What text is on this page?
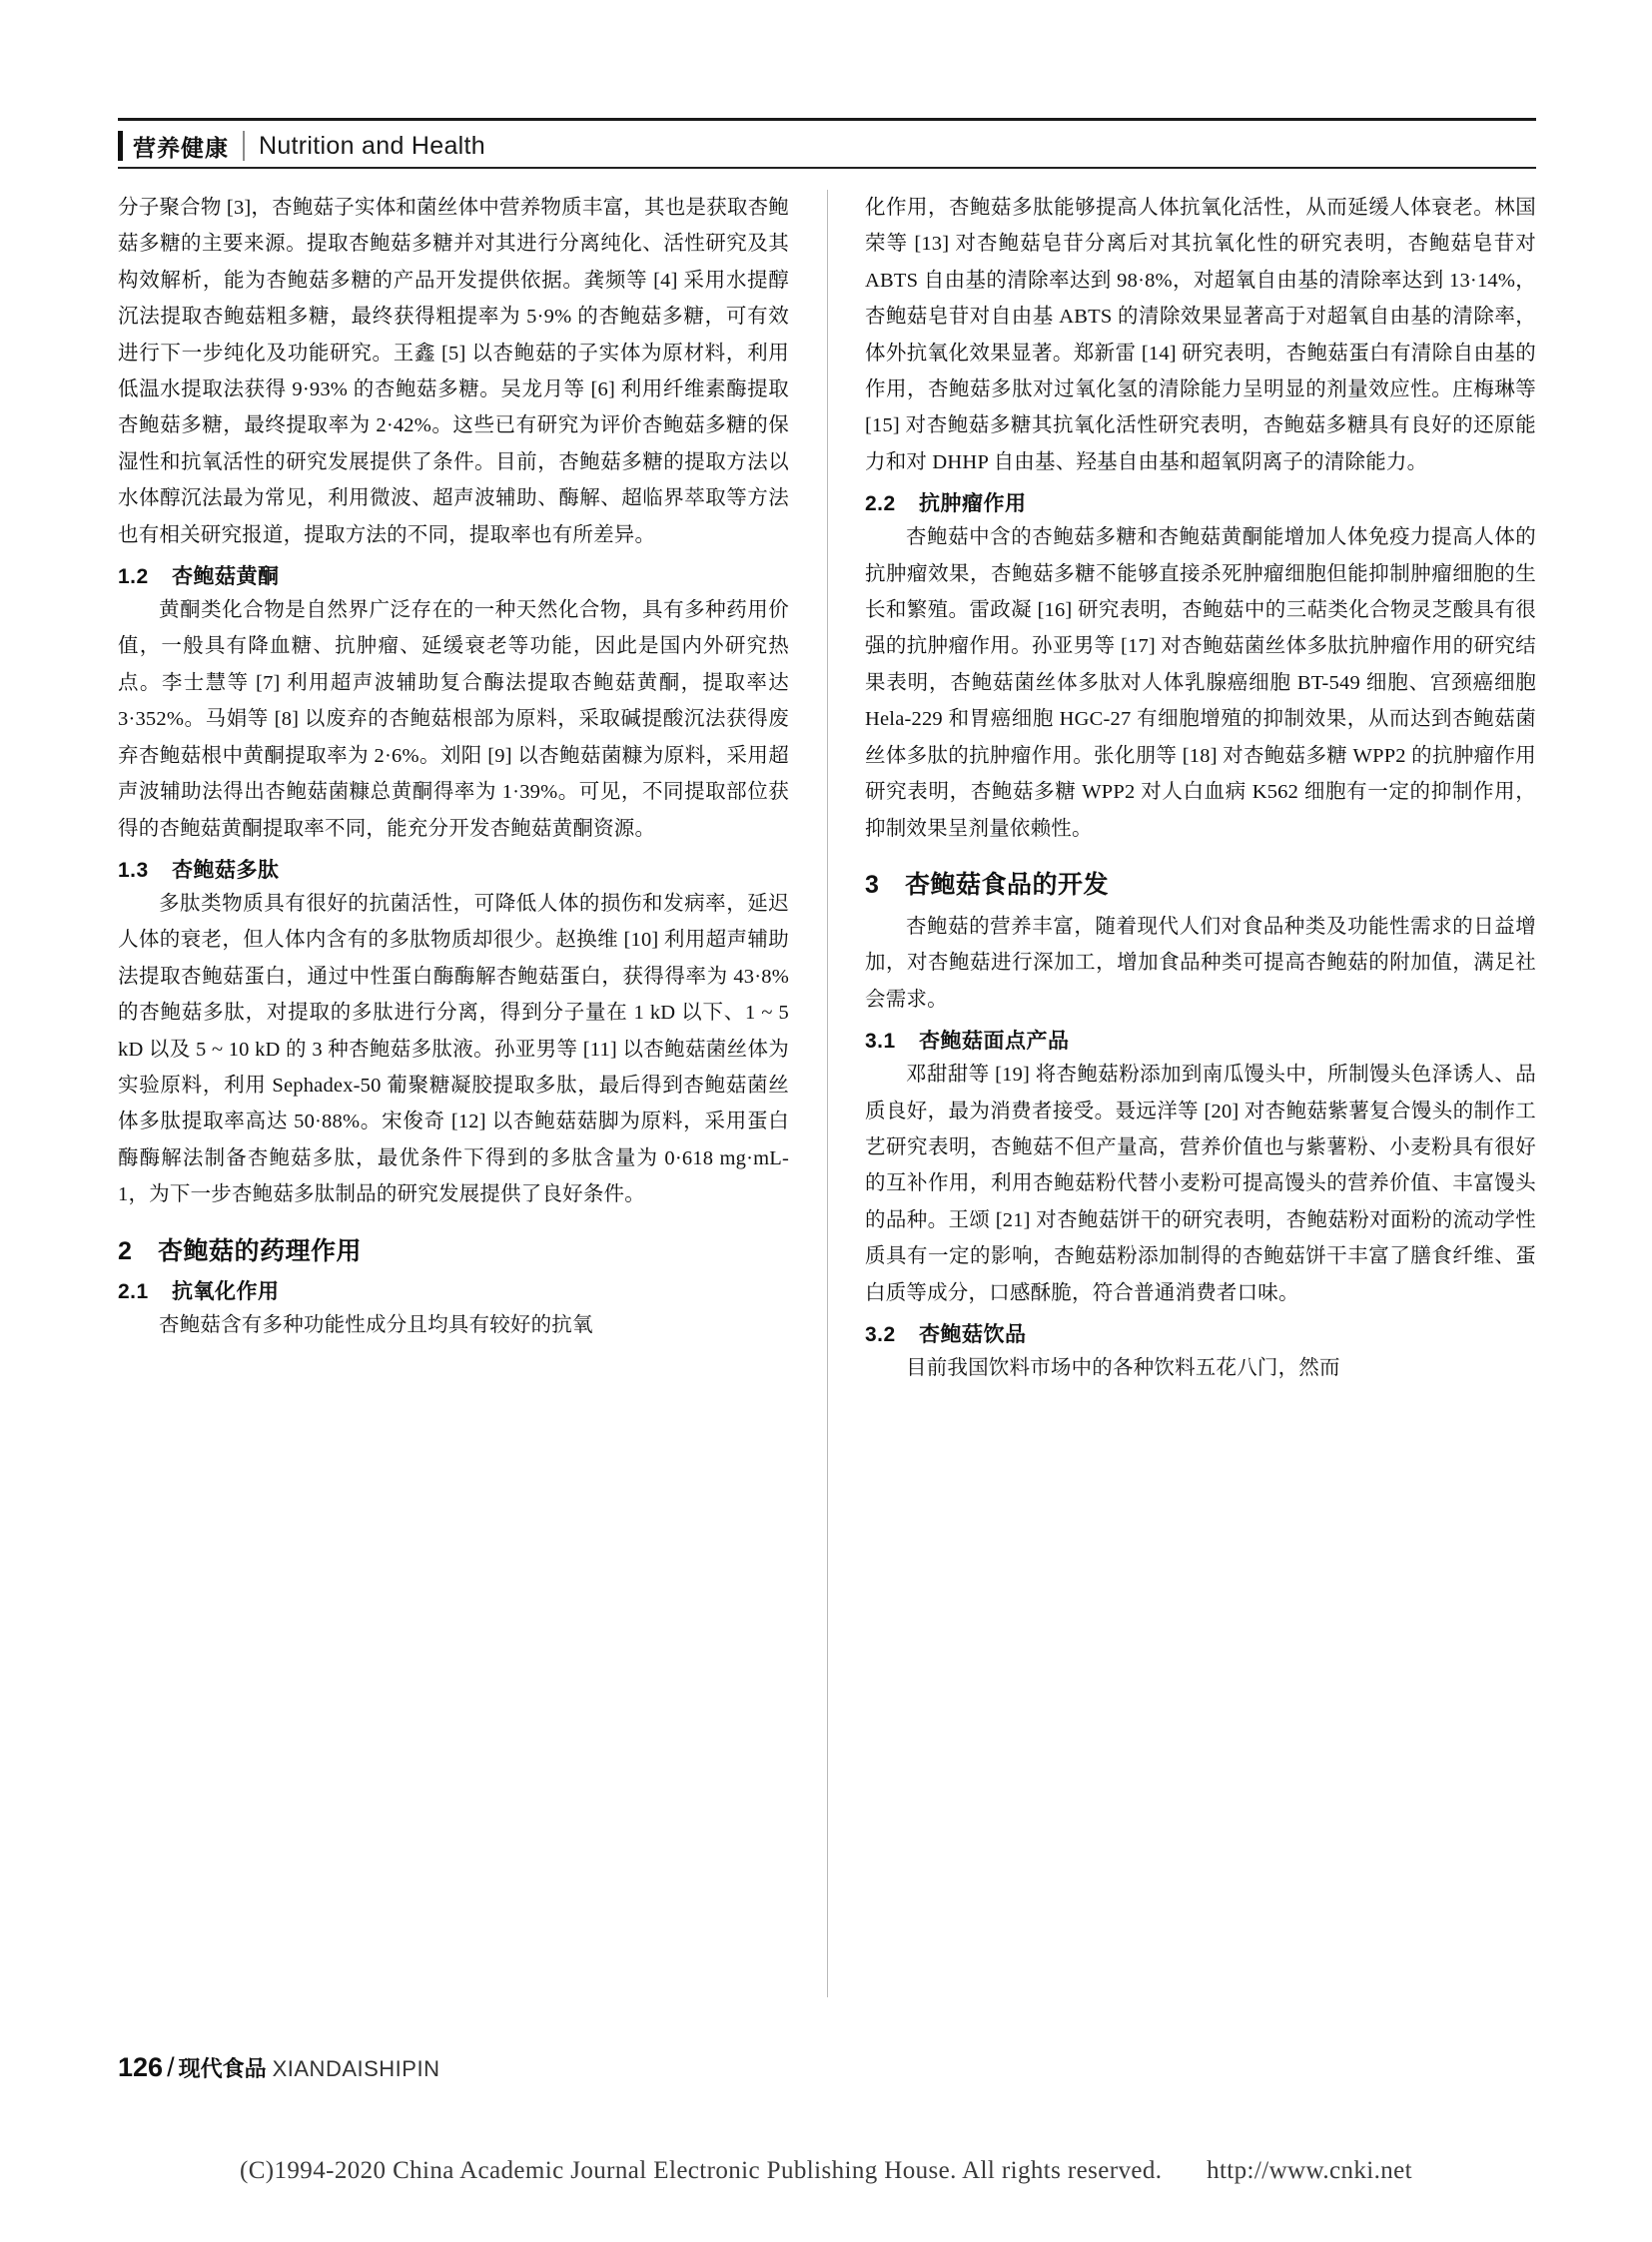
营养健康 Nutrition and Health

分子聚合物 [3]，杏鲍菇子实体和菌丝体中营养物质丰富，其也是获取杏鲍菇多糖的主要来源。提取杏鲍菇多糖并对其进行分离纯化、活性研究及其构效解析，能为杏鲍菇多糖的产品开发提供依据。龚频等 [4] 采用水提醇沉法提取杏鲍菇粗多糖，最终获得粗提率为 5·9% 的杏鲍菇多糖，可有效进行下一步纯化及功能研究。王鑫 [5] 以杏鲍菇的子实体为原材料，利用低温水提取法获得 9·93% 的杏鲍菇多糖。吴龙月等 [6] 利用纤维素酶提取杏鲍菇多糖，最终提取率为 2·42%。这些已有研究为评价杏鲍菇多糖的保湿性和抗氧活性的研究发展提供了条件。目前，杏鲍菇多糖的提取方法以水体醇沉法最为常见，利用微波、超声波辅助、酶解、超临界萃取等方法也有相关研究报道，提取方法的不同，提取率也有所差异。

1.2 杏鲍菇黄酮

黄酮类化合物是自然界广泛存在的一种天然化合物，具有多种药用价值，一般具有降血糖、抗肿瘤、延缓衰老等功能，因此是国内外研究热点。李士慧等 [7] 利用超声波辅助复合酶法提取杏鲍菇黄酮，提取率达 3·352%。马娟等 [8] 以废弃的杏鲍菇根部为原料，采取碱提酸沉法获得废弃杏鲍菇根中黄酮提取率为 2·6%。刘阳 [9] 以杏鲍菇菌糠为原料，采用超声波辅助法得出杏鲍菇菌糠总黄酮得率为 1·39%。可见，不同提取部位获得的杏鲍菇黄酮提取率不同，能充分开发杏鲍菇黄酮资源。

1.3 杏鲍菇多肽

多肽类物质具有很好的抗菌活性，可降低人体的损伤和发病率，延迟人体的衰老，但人体内含有的多肽物质却很少。赵换维 [10] 利用超声辅助法提取杏鲍菇蛋白，通过中性蛋白酶酶解杏鲍菇蛋白，获得得率为 43·8% 的杏鲍菇多肽，对提取的多肽进行分离，得到分子量在 1 kD 以下、1 ~ 5 kD 以及 5 ~ 10 kD 的 3 种杏鲍菇多肽液。孙亚男等 [11] 以杏鲍菇菌丝体为实验原料，利用 Sephadex-50 葡聚糖凝胶提取多肽，最后得到杏鲍菇菌丝体多肽提取率高达 50·88%。宋俊奇 [12] 以杏鲍菇菇脚为原料，采用蛋白酶酶解法制备杏鲍菇多肽，最优条件下得到的多肽含量为 0·618 mg·mL-1，为下一步杏鲍菇多肽制品的研究发展提供了良好条件。

2 杏鲍菇的药理作用
2.1 抗氧化作用

杏鲍菇含有多种功能性成分且均具有较好的抗氧

化作用，杏鲍菇多肽能够提高人体抗氧化活性，从而延缓人体衰老。林国荣等 [13] 对杏鲍菇皂苷分离后对其抗氧化性的研究表明，杏鲍菇皂苷对 ABTS 自由基的清除率达到 98·8%，对超氧自由基的清除率达到 13·14%，杏鲍菇皂苷对自由基 ABTS 的清除效果显著高于对超氧自由基的清除率，体外抗氧化效果显著。郑新雷 [14] 研究表明，杏鲍菇蛋白有清除自由基的作用，杏鲍菇多肽对过氧化氢的清除能力呈明显的剂量效应性。庄梅琳等 [15] 对杏鲍菇多糖其抗氧化活性研究表明，杏鲍菇多糖具有良好的还原能力和对 DHHP 自由基、羟基自由基和超氧阴离子的清除能力。

2.2 抗肿瘤作用

杏鲍菇中含的杏鲍菇多糖和杏鲍菇黄酮能增加人体免疫力提高人体的抗肿瘤效果，杏鲍菇多糖不能够直接杀死肿瘤细胞但能抑制肿瘤细胞的生长和繁殖。雷政凝 [16] 研究表明，杏鲍菇中的三萜类化合物灵芝酸具有很强的抗肿瘤作用。孙亚男等 [17] 对杏鲍菇菌丝体多肽抗肿瘤作用的研究结果表明，杏鲍菇菌丝体多肽对人体乳腺癌细胞 BT-549 细胞、宫颈癌细胞 Hela-229 和胃癌细胞 HGC-27 有细胞增殖的抑制效果，从而达到杏鲍菇菌丝体多肽的抗肿瘤作用。张化朋等 [18] 对杏鲍菇多糖 WPP2 的抗肿瘤作用研究表明，杏鲍菇多糖 WPP2 对人白血病 K562 细胞有一定的抑制作用，抑制效果呈剂量依赖性。

3 杏鲍菇食品的开发

杏鲍菇的营养丰富，随着现代人们对食品种类及功能性需求的日益增加，对杏鲍菇进行深加工，增加食品种类可提高杏鲍菇的附加值，满足社会需求。

3.1 杏鲍菇面点产品

邓甜甜等 [19] 将杏鲍菇粉添加到南瓜馒头中，所制馒头色泽诱人、品质良好，最为消费者接受。聂远洋等 [20] 对杏鲍菇紫薯复合馒头的制作工艺研究表明，杏鲍菇不但产量高，营养价值也与紫薯粉、小麦粉具有很好的互补作用，利用杏鲍菇粉代替小麦粉可提高馒头的营养价值、丰富馒头的品种。王颂 [21] 对杏鲍菇饼干的研究表明，杏鲍菇粉对面粉的流动学性质具有一定的影响，杏鲍菇粉添加制得的杏鲍菇饼干丰富了膳食纤维、蛋白质等成分，口感酥脆，符合普通消费者口味。

3.2 杏鲍菇饮品

目前我国饮料市场中的各种饮料五花八门，然而

126 / 现代食品 XIANDAISHIPIN
(C)1994-2020 China Academic Journal Electronic Publishing House. All rights reserved. http://www.cnki.net
